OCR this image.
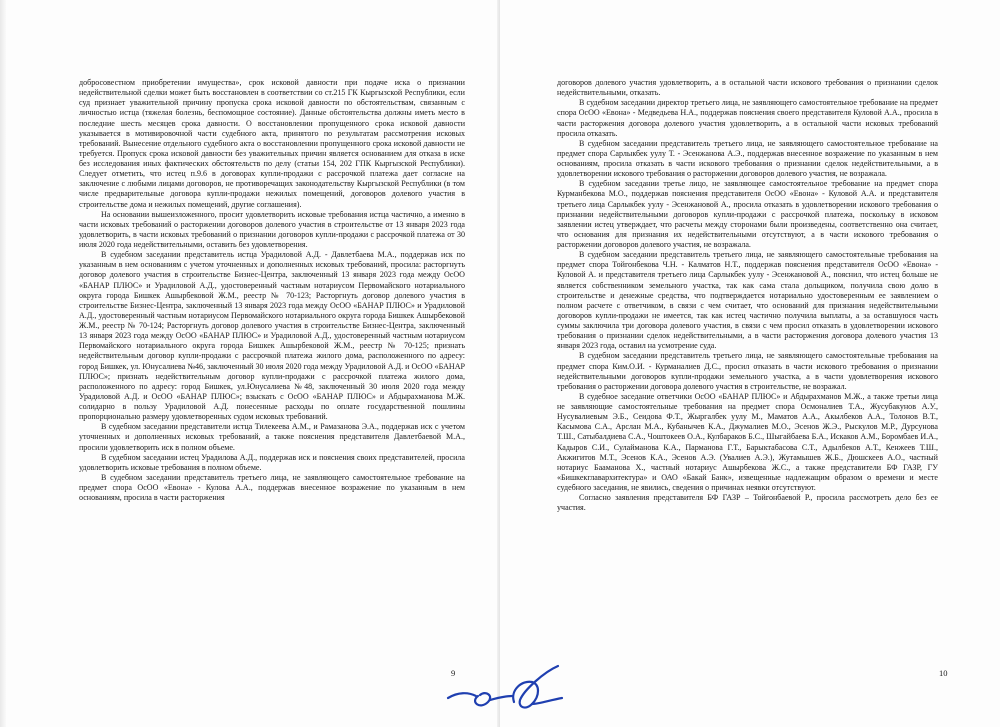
добросовестном приобретении имущества», срок исковой давности при подаче иска о признании недействительной сделки может быть восстановлен в соответствии со ст.215 ГК Кыргызской Республики, если суд признает уважительной причину пропуска срока исковой давности по обстоятельствам, связанным с личностью истца (тяжелая болезнь, беспомощное состояние). Данные обстоятельства должны иметь место в последние шесть месяцев срока давности. О восстановлении пропущенного срока исковой давности указывается в мотивировочной части судебного акта, принятого по результатам рассмотрения исковых требований. Вынесение отдельного судебного акта о восстановлении пропущенного срока исковой давности не требуется. Пропуск срока исковой давности без уважительных причин является основанием для отказа в иске без исследования иных фактических обстоятельств по делу (статьи 154, 202 ГПК Кыргызской Республики). Следует отметить, что истец п.9.6 в договорах купли-продажи с рассрочкой платежа дает согласие на заключение с любыми лицами договоров, не противоречащих законодательству Кыргызской Республики (в том числе предварительные договора купли-продажи нежилых помещений, договоров долевого участия в строительстве дома и нежилых помещений, другие соглашения).

На основании вышеизложенного, просит удовлетворить исковые требования истца частично, а именно в части исковых требований о расторжении договоров долевого участия в строительстве от 13 января 2023 года удовлетворить, в части исковых требований о признании договоров купли-продажи с рассрочкой платежа от 30 июля 2020 года недействительными, оставить без удовлетворения.

В судебном заседании представитель истца Урадиловой А.Д. - Давлетбаева М.А., поддержав иск по указанным в нем основаниям с учетом уточненных и дополненных исковых требований, просила: расторгнуть договор долевого участия в строительстве Бизнес-Центра, заключенный 13 января 2023 года между ОсОО «БАНАР ПЛЮС» и Урадиловой А.Д., удостоверенный частным нотариусом Первомайского нотариального округа города Бишкек Ашырбековой Ж.М., реестр № 70-123; Расторгнуть договор долевого участия в строительстве Бизнес-Центра, заключенный 13 января 2023 года между ОсОО «БАНАР ПЛЮС» и Урадиловой А.Д., удостоверенный частным нотариусом Первомайского нотариального округа города Бишкек Ашырбековой Ж.М., реестр № 70-124; Расторгнуть договор долевого участия в строительстве Бизнес-Центра, заключенный 13 января 2023 года между ОсОО «БАНАР ПЛЮС» и Урадиловой А.Д., удостоверенный частным нотариусом Первомайского нотариального округа города Бишкек Ашырбековой Ж.М., реестр № 70-125; признать недействительным договор купли-продажи с рассрочкой платежа жилого дома, расположенного по адресу: город Бишкек, ул. Юнусалиева №46, заключенный 30 июля 2020 года между Урадиловой А.Д. и ОсОО «БАНАР ПЛЮС»; признать недействительным договор купли-продажи с рассрочкой платежа жилого дома, расположенного по адресу: город Бишкек, ул.Юнусалиева №48, заключенный 30 июля 2020 года между Урадиловой А.Д. и ОсОО «БАНАР ПЛЮС»; взыскать с ОсОО «БАНАР ПЛЮС» и Абдырахманова М.Ж. солидарно в пользу Урадиловой А.Д. понесенные расходы по оплате государственной пошлины пропорционально размеру удовлетворенных судом исковых требований.

В судебном заседании представители истца Тилекеева А.М., и Рамазанова Э.А., поддержав иск с учетом уточненных и дополненных исковых требований, а также пояснения представителя Давлетбаевой М.А., просили удовлетворить иск в полном объеме.

В судебном заседании истец Урадилова А.Д., поддержав иск и пояснения своих представителей, просила удовлетворить исковые требования в полном объеме.

В судебном заседании представитель третьего лица, не заявляющего самостоятельное требование на предмет спора ОсОО «Евона» - Кулова А.А., поддержав внесенное возражение по указанным в нем основаниям, просила в части расторжения

9

договоров долевого участия удовлетворить, а в остальной части искового требования о признании сделок недействительными, отказать.

В судебном заседании директор третьего лица, не заявляющего самостоятельное требование на предмет спора ОсОО «Евона» - Медведьева Н.А., поддержав пояснения своего представителя Куловой А.А., просила в части расторжения договора долевого участия удовлетворить, а в остальной части исковых требований просила отказать.

В судебном заседании представитель третьего лица, не заявляющего самостоятельное требование на предмет спора Сарлыкбек уулу Т. - Эсенжанова А.Э., поддержав внесенное возражение по указанным в нем основаниям, просила отказать в части искового требования о признании сделок недействительными, а в удовлетворении искового требования о расторжении договоров долевого участия, не возражала.

В судебном заседании третье лицо, не заявляющее самостоятельное требование на предмет спора Курманбекова М.О., поддержав пояснения представителя ОсОО «Евона» - Куловой А.А. и представителя третьего лица Сарлыкбек уулу - Эсенжановой А., просила отказать в удовлетворении искового требования о признании недействительными договоров купли-продажи с рассрочкой платежа, поскольку в исковом заявлении истец утверждает, что расчеты между сторонами были произведены, соответственно она считает, что основания для признания их недействительными отсутствуют, а в части искового требования о расторжении договоров долевого участия, не возражала.

В судебном заседании представитель третьего лица, не заявляющего самостоятельные требования на предмет спора Тойгонбекова Ч.Н. - Калматов Н.Т., поддержав пояснения представителя ОсОО «Евона» - Куловой А. и представителя третьего лица Сарлыкбек уулу - Эсенжановой А., пояснил, что истец больше не является собственником земельного участка, так как сама стала дольщиком, получила свою долю в строительстве и денежные средства, что подтверждается нотариально удостоверенным ее заявлением о полном расчете с ответчиком, в связи с чем считает, что оснований для признания недействительными договоров купли-продажи не имеется, так как истец частично получила выплаты, а за оставшуюся часть суммы заключила три договора долевого участия, в связи с чем просил отказать в удовлетворении искового требования о признании сделок недействительными, а в части расторжения договора долевого участия 13 января 2023 года, оставил на усмотрение суда.

В судебном заседании представитель третьего лица, не заявляющего самостоятельные требования на предмет спора Ким.О.И. - Курманалиев Д.С., просил отказать в части искового требования о признании недействительными договоров купли-продажи земельного участка, а в части удовлетворения искового требования о расторжении договора долевого участия в строительстве, не возражал.

В судебное заседание ответчики ОсОО «БАНАР ПЛЮС» и Абдырахманов М.Ж., а также третьи лица не заявляющие самостоятельные требования на предмет спора Осмоналиев Т.А., Жусубакунов А.У., Нусувалиевым Э.Б., Сеидова Ф.Т., Жыргалбек уулу М., Маматов А.А., Акылбеков А.А., Толонов В.Т., Касымова С.А., Арслан М.А., Кубанычев К.А., Джумалиев М.О., Эсенов Ж.Э., Рыскулов М.Р., Дурсунова Т.Ш., Сатыбалдиева С.А., Чоштокеев О.А., Кулбараков Б.С., Шыгайбаева Б.А., Искаков А.М., Боромбаев И.А., Кадыров С.И., Сулайманова К.А., Парманова Г.Т., Барыктабасова С.Т., Адылбеков А.Т., Кенжеев Т.Ш., Акжигитов М.Т., Эсенов К.А., Эсенов А.Э. (Увалиев А.Э.), Жутамышев Ж.Б., Дюшскеев А.О., частный нотариус Бааманова Х., частный нотариус Ашырбекова Ж.С., а также представители БФ ГАЗР, ГУ «Бишкекглавархитектура» и ОАО «Бакай Банк», извещенные надлежащим образом о времени и месте судебного заседания, не явились, сведения о причинах неявки отсутствуют.

Согласно заявления представителя БФ ГАЗР – Тойгонбаевой Р., просила рассмотреть дело без ее участия.

10
